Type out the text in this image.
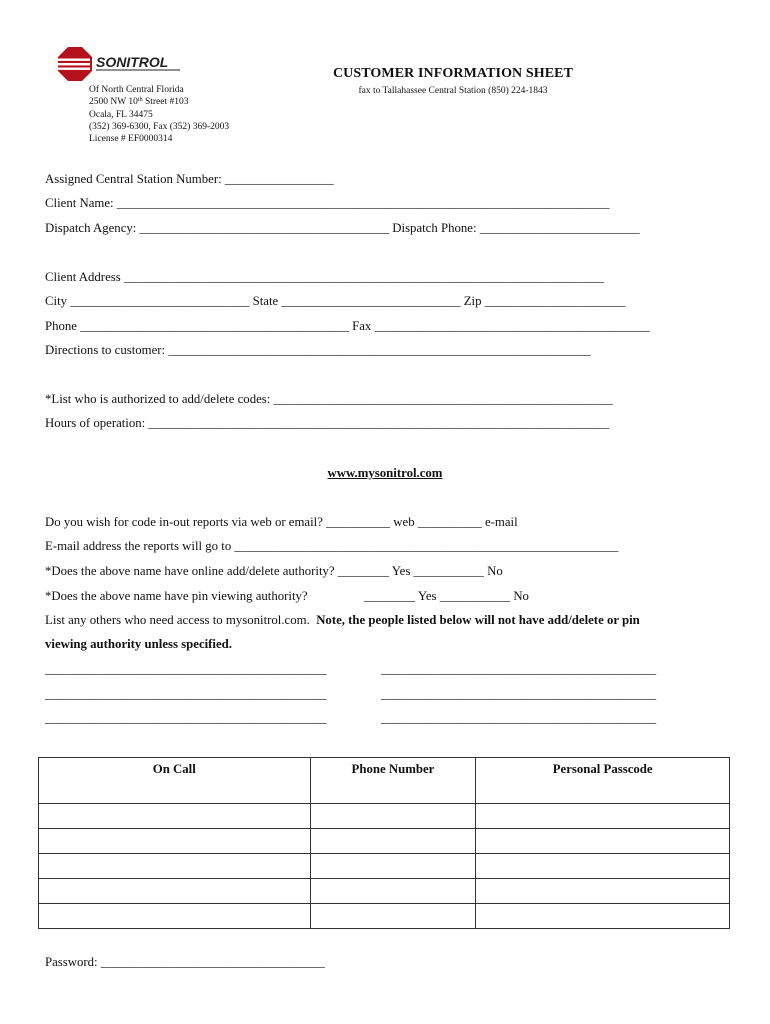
SONITROL
Of North Central Florida
2500 NW 10th Street #103
Ocala, FL 34475
(352) 369-6300, Fax (352) 369-2003
License # EF0000314
CUSTOMER INFORMATION SHEET
fax to Tallahassee Central Station (850) 224-1843
Assigned Central Station Number: _________________
Client Name: _____________________________________________________________________________
Dispatch Agency: _______________________________________ Dispatch Phone: _________________________
Client Address ___________________________________________________________________________
City ____________________________ State ____________________________ Zip ______________________
Phone __________________________________________ Fax ___________________________________________
Directions to customer: __________________________________________________________________
*List who is authorized to add/delete codes: _____________________________________________________
Hours of operation: ________________________________________________________________________
www.mysonitrol.com
Do you wish for code in-out reports via web or email? __________ web __________ e-mail
E-mail address the reports will go to ____________________________________________________________
*Does the above name have online add/delete authority? ________ Yes ___________ No
*Does the above name have pin viewing authority?	________ Yes ___________ No
List any others who need access to mysonitrol.com. Note, the people listed below will not have add/delete or pin
viewing authority unless specified.
____________________________________________	___________________________________________
____________________________________________	___________________________________________
____________________________________________	___________________________________________
On Call	Phone Number	Personal Passcode

Password: ___________________________________
